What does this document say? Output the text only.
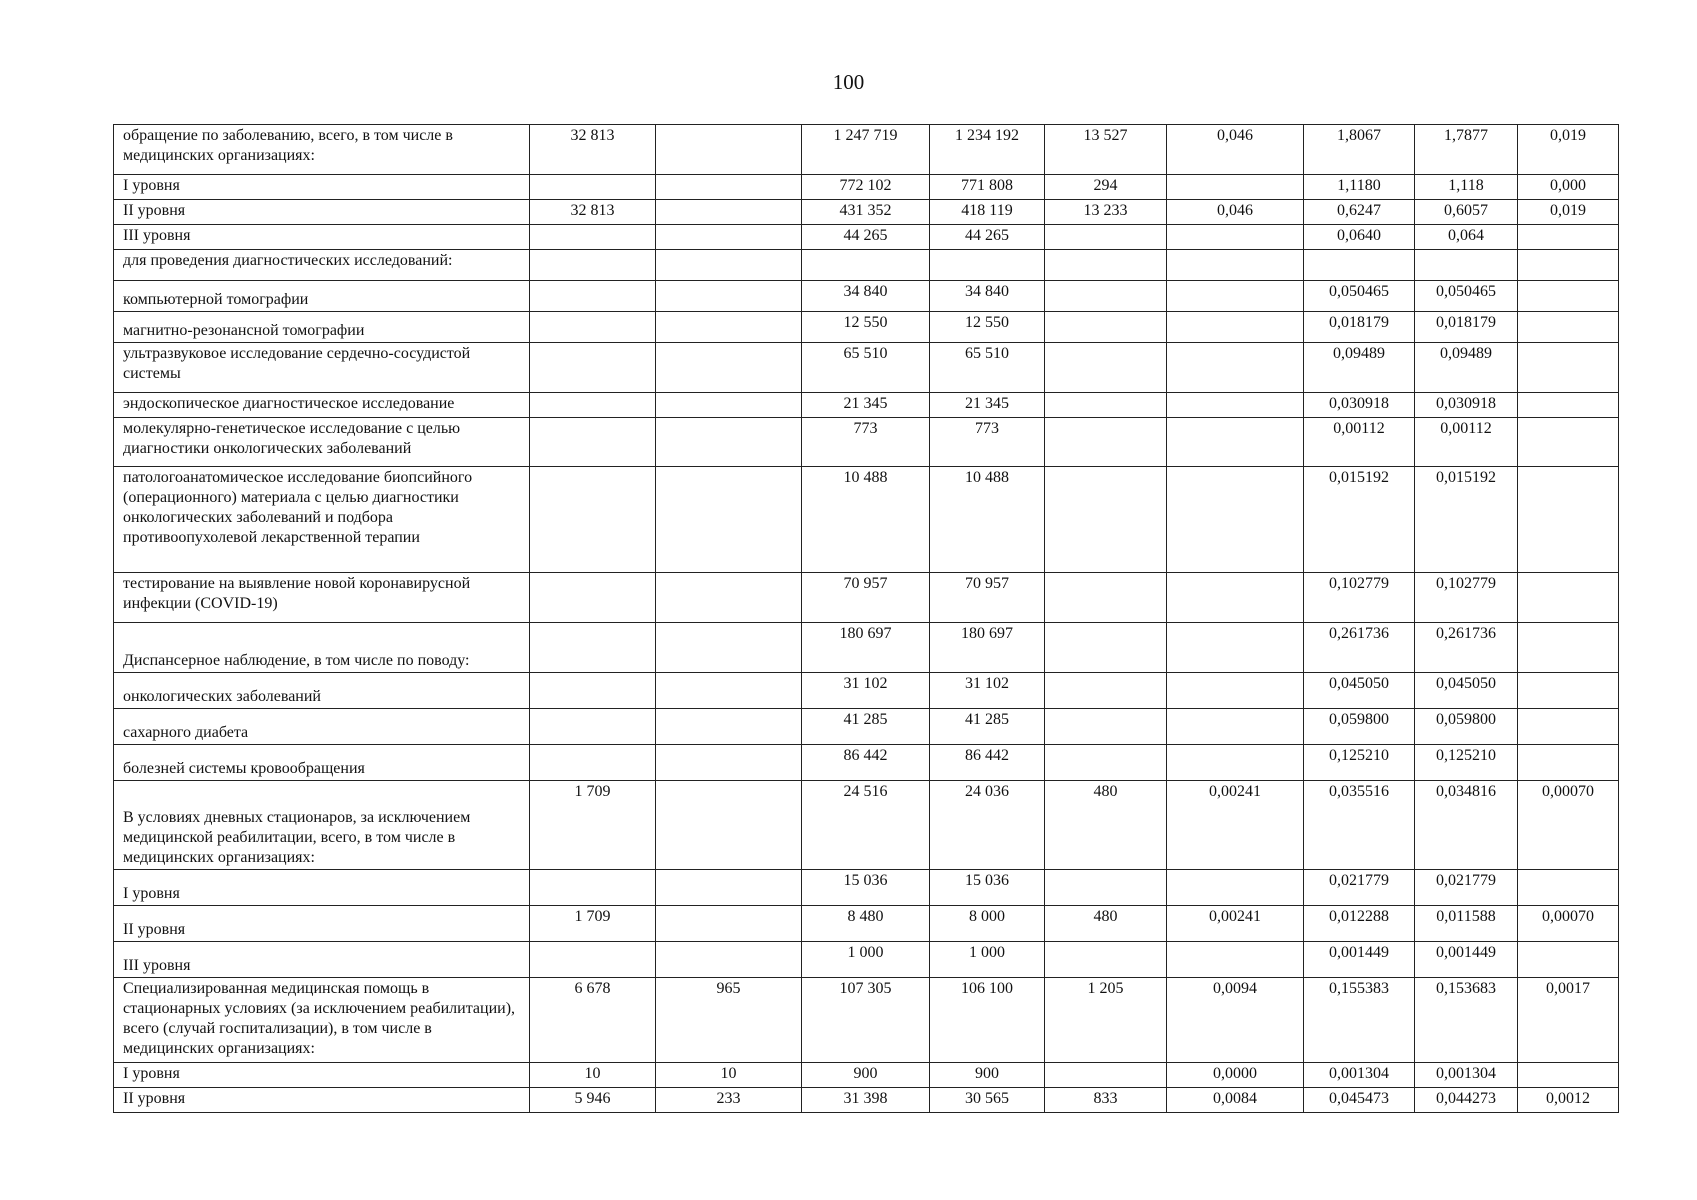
100
обращение по заболеванию, всего, в том числе в медицинских организациях:	32 813		1 247 719	1 234 192	13 527	0,046	1,8067	1,7877	0,019
I уровня			772 102	771 808	294		1,1180	1,118	0,000
II уровня	32 813		431 352	418 119	13 233	0,046	0,6247	0,6057	0,019
III уровня			44 265	44 265			0,0640	0,064	
для проведения диагностических исследований:									
компьютерной томографии			34 840	34 840			0,050465	0,050465	
магнитно-резонансной томографии			12 550	12 550			0,018179	0,018179	
ультразвуковое исследование сердечно-сосудистой системы			65 510	65 510			0,09489	0,09489	
эндоскопическое диагностическое исследование			21 345	21 345			0,030918	0,030918	
молекулярно-генетическое исследование с целью диагностики онкологических заболеваний			773	773			0,00112	0,00112	
патологоанатомическое исследование биопсийного (операционного) материала с целью диагностики онкологических заболеваний и подбора противоопухолевой лекарственной терапии			10 488	10 488			0,015192	0,015192	
тестирование на выявление новой коронавирусной инфекции (COVID-19)			70 957	70 957			0,102779	0,102779	
Диспансерное наблюдение, в том числе по поводу:			180 697	180 697			0,261736	0,261736	
онкологических заболеваний			31 102	31 102			0,045050	0,045050	
сахарного диабета			41 285	41 285			0,059800	0,059800	
болезней системы кровообращения			86 442	86 442			0,125210	0,125210	
В условиях дневных стационаров, за исключением медицинской реабилитации, всего, в том числе в медицинских организациях:	1 709		24 516	24 036	480	0,00241	0,035516	0,034816	0,00070
I уровня			15 036	15 036			0,021779	0,021779	
II уровня	1 709		8 480	8 000	480	0,00241	0,012288	0,011588	0,00070
III уровня			1 000	1 000			0,001449	0,001449	
Специализированная медицинская помощь в стационарных условиях (за исключением реабилитации), всего (случай госпитализации), в том числе в медицинских организациях:	6 678	965	107 305	106 100	1 205	0,0094	0,155383	0,153683	0,0017
I уровня	10	10	900	900		0,0000	0,001304	0,001304	
II уровня	5 946	233	31 398	30 565	833	0,0084	0,045473	0,044273	0,0012
